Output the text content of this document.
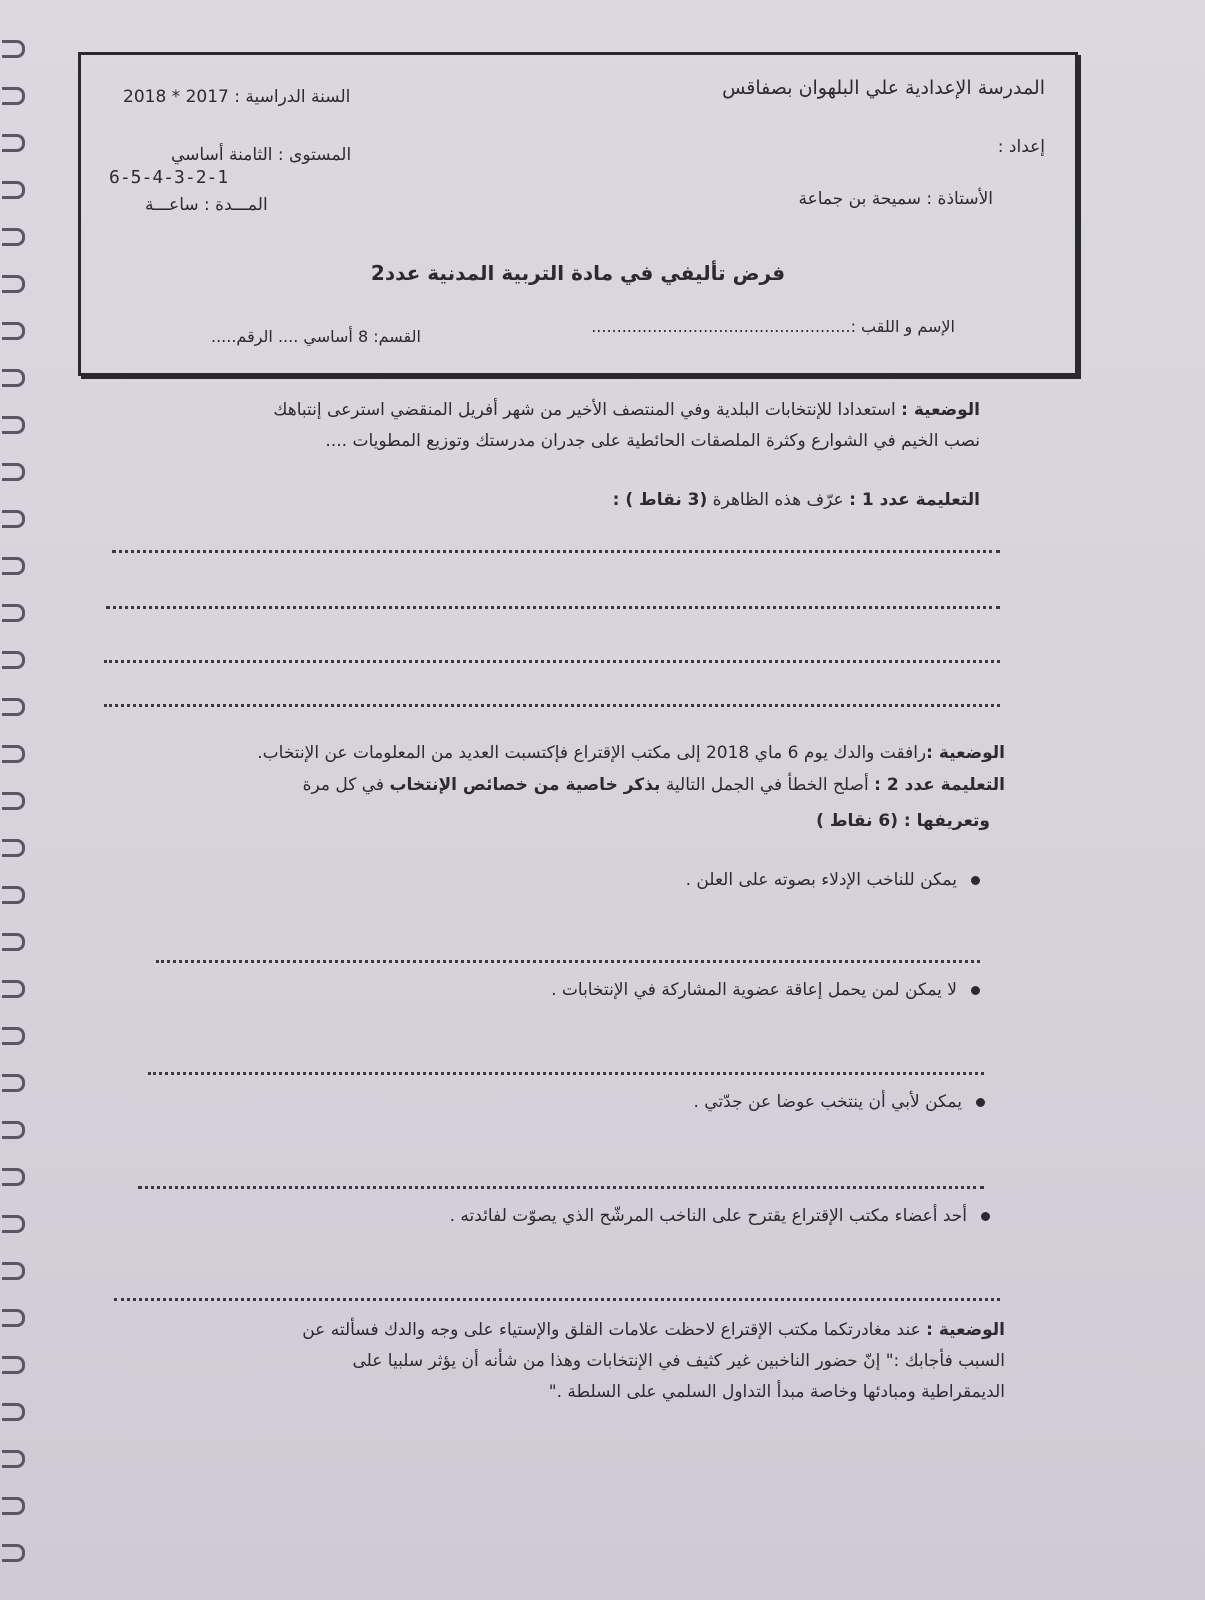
المدرسة الإعدادية علي البلهوان بصفاقس
السنة الدراسية : 2017 * 2018
إعداد :
المستوى : الثامنة أساسي
6-5-4-3-2-1
الأستاذة : سميحة بن جماعة
المـــدة : ساعـــة
فرض تأليفي في مادة التربية المدنية عدد2
الإسم و اللقب :...................................................
القسم: 8 أساسي .... الرقم.....
الوضعية : استعدادا للإنتخابات البلدية وفي المنتصف الأخير من شهر أفريل المنقضي استرعى إنتباهك
نصب الخيم في الشوارع وكثرة الملصقات الحائطية على جدران مدرستك وتوزيع المطويات ....
التعليمة عدد 1 : عرّف هذه الظاهرة (3 نقاط ) :
الوضعية :رافقت والدك يوم 6 ماي 2018 إلى مكتب الإقتراع فإكتسبت العديد من المعلومات عن الإنتخاب.
التعليمة عدد 2 : أصلح الخطأ في الجمل التالية بذكر خاصية من خصائص الإنتخاب في كل مرة
وتعريفها : (6 نقاط )
يمكن للناخب الإدلاء بصوته على العلن .
لا يمكن لمن يحمل إعاقة عضوية المشاركة في الإنتخابات .
يمكن لأبي أن ينتخب عوضا عن جدّتي .
أحد أعضاء مكتب الإقتراع يقترح على الناخب المرشّح الذي يصوّت لفائدته .
الوضعية : عند مغادرتكما مكتب الإقتراع لاحظت علامات القلق والإستياء على وجه والدك فسألته عن
السبب فأجابك :" إنّ حضور الناخبين غير كثيف في الإنتخابات وهذا من شأنه أن يؤثر سلبيا على
الديمقراطية ومبادئها وخاصة مبدأ التداول السلمي على السلطة ."
